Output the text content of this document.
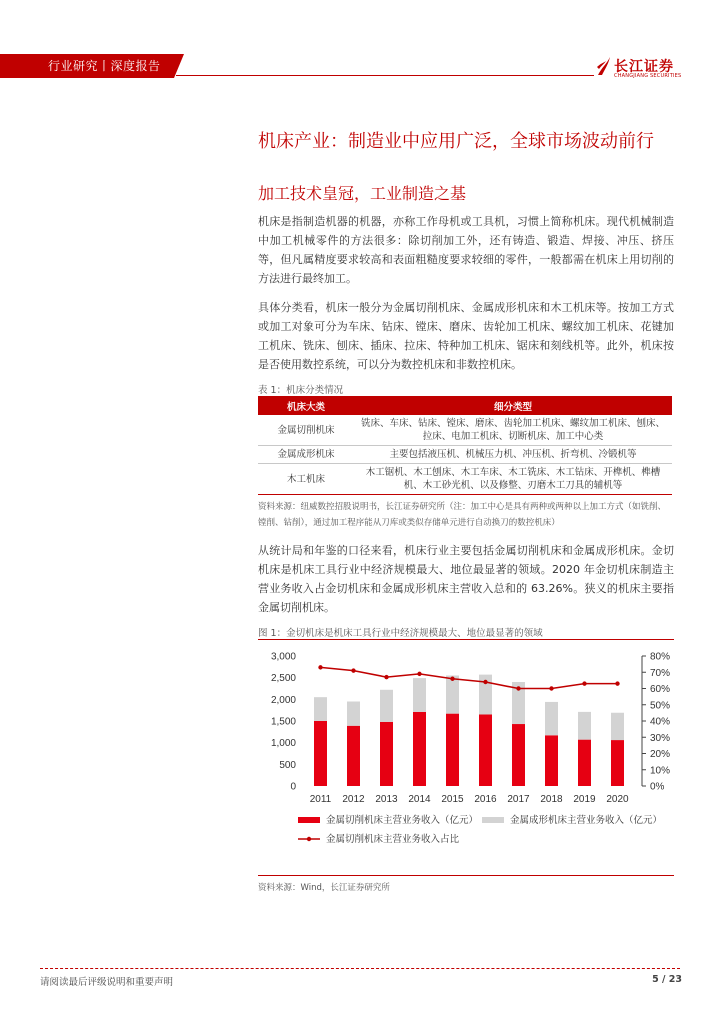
行业研究丨深度报告	长江证券
CHANGJIANG SECURITIES
机床产业：制造业中应用广泛，全球市场波动前行
加工技术皇冠，工业制造之基

机床是指制造机器的机器，亦称工作母机或工具机，习惯上简称机床。现代机械制造中加工机械零件的方法很多：除切削加工外，还有铸造、锻造、焊接、冲压、挤压等，但凡属精度要求较高和表面粗糙度要求较细的零件，一般都需在机床上用切削的方法进行最终加工。

具体分类看，机床一般分为金属切削机床、金属成形机床和木工机床等。按加工方式或加工对象可分为车床、钻床、镗床、磨床、齿轮加工机床、螺纹加工机床、花键加工机床、铣床、刨床、插床、拉床、特种加工机床、锯床和刻线机等。此外，机床按是否使用数控系统，可以分为数控机床和非数控机床。

表 1：机床分类情况
机床大类	细分类型
金属切削机床	铣床、车床、钻床、镗床、磨床、齿轮加工机床、螺纹加工机床、刨床、拉床、电加工机床、切断机床、加工中心类
金属成形机床	主要包括液压机、机械压力机、冲压机、折弯机、冷锻机等
木工机床	木工锯机、木工刨床、木工车床、木工铣床、木工钻床、开榫机、榫槽机、木工砂光机、以及修整、刃磨木工刀具的辅机等
资料来源：纽威数控招股说明书，长江证券研究所（注：加工中心是具有两种或两种以上加工方式（如铣削、镗削、钻削），通过加工程序能从刀库或类似存储单元进行自动换刀的数控机床）

从统计局和年鉴的口径来看，机床行业主要包括金属切削机床和金属成形机床。金切机床是机床工具行业中经济规模最大、地位最显著的领域。2020 年金切机床制造主营业务收入占金切机床和金属成形机床主营收入总和的 63.26%。狭义的机床主要指金属切削机床。

图 1：金切机床是机床工具行业中经济规模最大、地位最显著的领域
0
500
1,000
1,500
2,000
2,500
3,000
0%
10%
20%
30%
40%
50%
60%
70%
80%
2011 2012 2013 2014 2015 2016 2017 2018 2019 2020
金属切削机床主营业务收入（亿元）	金属成形机床主营业务收入（亿元）
金属切削机床主营业务收入占比
资料来源：Wind，长江证券研究所
请阅读最后评级说明和重要声明	5 / 23
